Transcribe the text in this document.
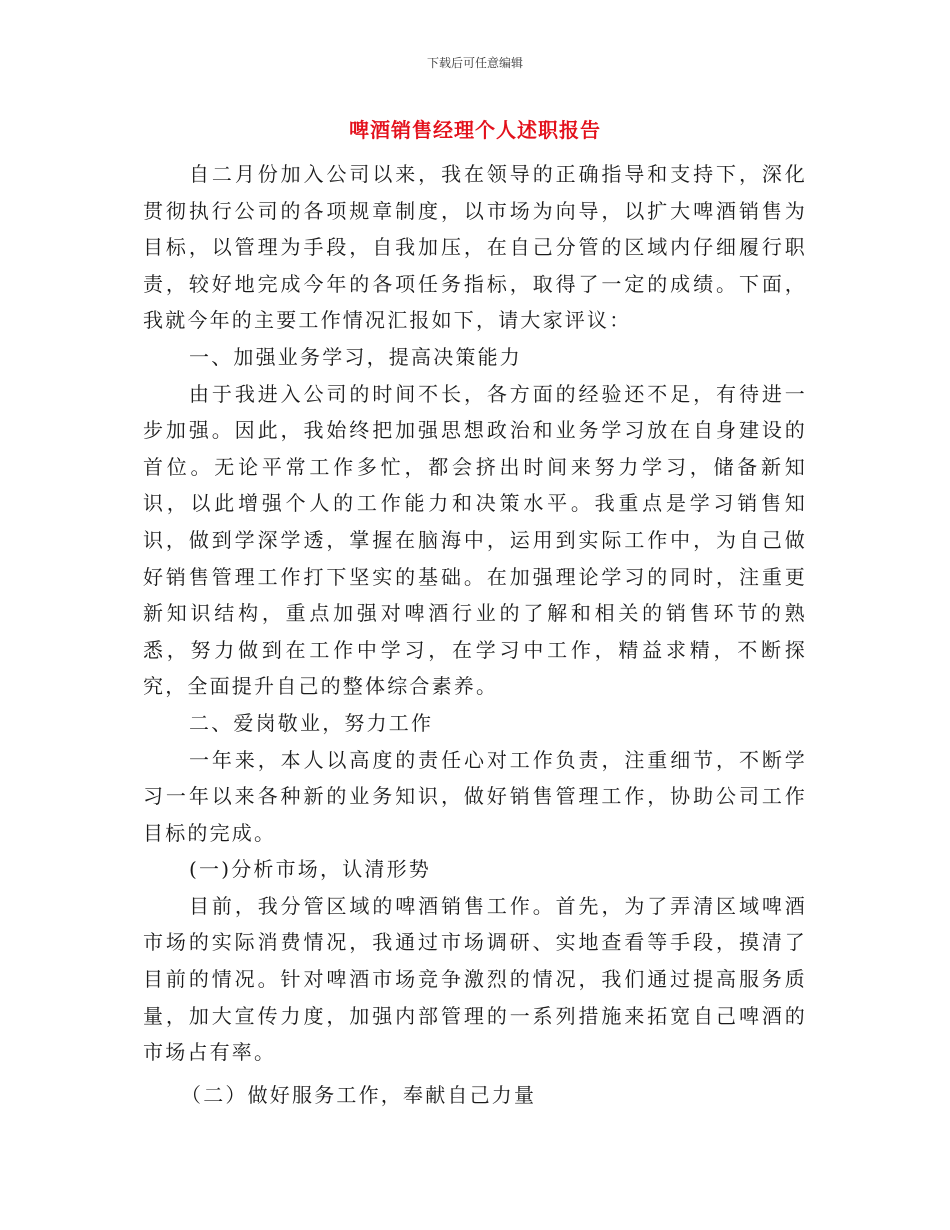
下载后可任意编辑
啤酒销售经理个人述职报告

自二月份加入公司以来，我在领导的正确指导和支持下，深化贯彻执行公司的各项规章制度，以市场为向导，以扩大啤酒销售为目标，以管理为手段，自我加压，在自己分管的区域内仔细履行职责，较好地完成今年的各项任务指标，取得了一定的成绩。下面，我就今年的主要工作情况汇报如下，请大家评议：

一、加强业务学习，提高决策能力

由于我进入公司的时间不长，各方面的经验还不足，有待进一步加强。因此，我始终把加强思想政治和业务学习放在自身建设的首位。无论平常工作多忙，都会挤出时间来努力学习，储备新知识，以此增强个人的工作能力和决策水平。我重点是学习销售知识，做到学深学透，掌握在脑海中，运用到实际工作中，为自己做好销售管理工作打下坚实的基础。在加强理论学习的同时，注重更新知识结构，重点加强对啤酒行业的了解和相关的销售环节的熟悉，努力做到在工作中学习，在学习中工作，精益求精，不断探究，全面提升自己的整体综合素养。

二、爱岗敬业，努力工作

一年来，本人以高度的责任心对工作负责，注重细节，不断学习一年以来各种新的业务知识，做好销售管理工作，协助公司工作目标的完成。

(一)分析市场，认清形势

目前，我分管区域的啤酒销售工作。首先，为了弄清区域啤酒市场的实际消费情况，我通过市场调研、实地查看等手段，摸清了目前的情况。针对啤酒市场竞争激烈的情况，我们通过提高服务质量，加大宣传力度，加强内部管理的一系列措施来拓宽自己啤酒的市场占有率。

（二）做好服务工作，奉献自己力量
